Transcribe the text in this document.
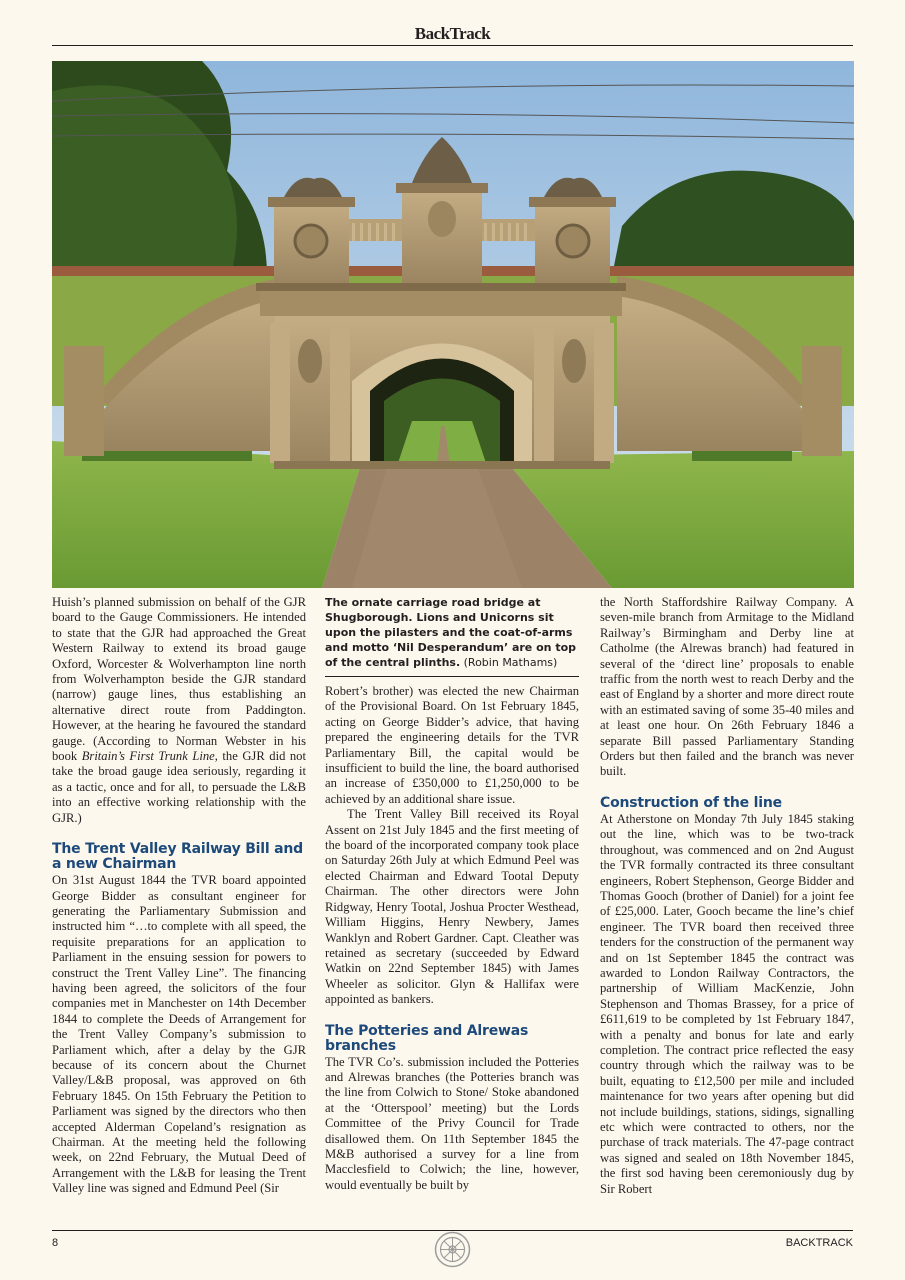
BackTrack

Huish’s planned submission on behalf of the GJR board to the Gauge Commissioners. He intended to state that the GJR had approached the Great Western Railway to extend its broad gauge Oxford, Worcester & Wolverhampton line north from Wolverhampton beside the GJR standard (narrow) gauge lines, thus establishing an alternative direct route from Paddington. However, at the hearing he favoured the standard gauge. (According to Norman Webster in his book Britain’s First Trunk Line, the GJR did not take the broad gauge idea seriously, regarding it as a tactic, once and for all, to persuade the L&B into an effective working relationship with the GJR.)

The Trent Valley Railway Bill and a new Chairman

On 31st August 1844 the TVR board appointed George Bidder as consultant engineer for generating the Parliamentary Submission and instructed him “…to complete with all speed, the requisite preparations for an application to Parliament in the ensuing session for powers to construct the Trent Valley Line”. The financing having been agreed, the solicitors of the four companies met in Manchester on 14th December 1844 to complete the Deeds of Arrangement for the Trent Valley Company’s submission to Parliament which, after a delay by the GJR because of its concern about the Churnet Valley/L&B proposal, was approved on 6th February 1845. On 15th February the Petition to Parliament was signed by the directors who then accepted Alderman Copeland’s resignation as Chairman. At the meeting held the following week, on 22nd February, the Mutual Deed of Arrangement with the L&B for leasing the Trent Valley line was signed and Edmund Peel (Sir

The ornate carriage road bridge at Shugborough. Lions and Unicorns sit upon the pilasters and the coat-of-arms and motto ‘Nil Desperandum’ are on top of the central plinths. (Robin Mathams)

Robert’s brother) was elected the new Chairman of the Provisional Board. On 1st February 1845, acting on George Bidder’s advice, that having prepared the engineering details for the TVR Parliamentary Bill, the capital would be insufficient to build the line, the board authorised an increase of £350,000 to £1,250,000 to be achieved by an additional share issue.

The Trent Valley Bill received its Royal Assent on 21st July 1845 and the first meeting of the board of the incorporated company took place on Saturday 26th July at which Edmund Peel was elected Chairman and Edward Tootal Deputy Chairman. The other directors were John Ridgway, Henry Tootal, Joshua Procter Westhead, William Higgins, Henry Newbery, James Wanklyn and Robert Gardner. Capt. Cleather was retained as secretary (succeeded by Edward Watkin on 22nd September 1845) with James Wheeler as solicitor. Glyn & Hallifax were appointed as bankers.

The Potteries and Alrewas branches

The TVR Co’s. submission included the Potteries and Alrewas branches (the Potteries branch was the line from Colwich to Stone/ Stoke abandoned at the ‘Otterspool’ meeting) but the Lords Committee of the Privy Council for Trade disallowed them. On 11th September 1845 the M&B authorised a survey for a line from Macclesfield to Colwich; the line, however, would eventually be built by

the North Staffordshire Railway Company. A seven-mile branch from Armitage to the Midland Railway’s Birmingham and Derby line at Catholme (the Alrewas branch) had featured in several of the ‘direct line’ proposals to enable traffic from the north west to reach Derby and the east of England by a shorter and more direct route with an estimated saving of some 35-40 miles and at least one hour. On 26th February 1846 a separate Bill passed Parliamentary Standing Orders but then failed and the branch was never built.

Construction of the line

At Atherstone on Monday 7th July 1845 staking out the line, which was to be two-track throughout, was commenced and on 2nd August the TVR formally contracted its three consultant engineers, Robert Stephenson, George Bidder and Thomas Gooch (brother of Daniel) for a joint fee of £25,000. Later, Gooch became the line’s chief engineer. The TVR board then received three tenders for the construction of the permanent way and on 1st September 1845 the contract was awarded to London Railway Contractors, the partnership of William MacKenzie, John Stephenson and Thomas Brassey, for a price of £611,619 to be completed by 1st February 1847, with a penalty and bonus for late and early completion. The contract price reflected the easy country through which the railway was to be built, equating to £12,500 per mile and included maintenance for two years after opening but did not include buildings, stations, sidings, signalling etc which were contracted to others, nor the purchase of track materials. The 47-page contract was signed and sealed on 18th November 1845, the first sod having been ceremoniously dug by Sir Robert

8	BACKTRACK
